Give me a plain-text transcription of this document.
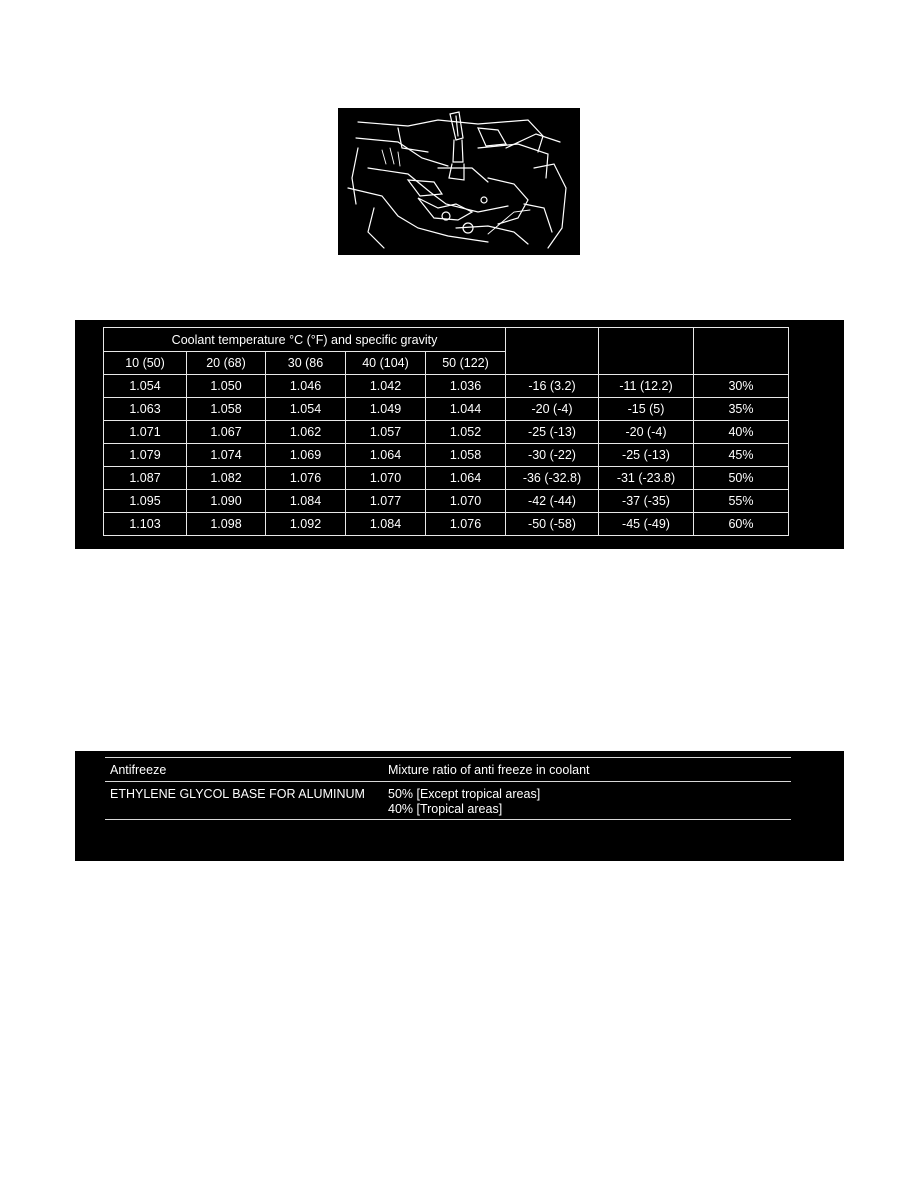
Coolant temperature °C (°F) and specific gravity							
10 (50)	20 (68)	30 (86	40 (104)	50 (122)			
1.054	1.050	1.046	1.042	1.036	-16 (3.2)	-11 (12.2)	30%
1.063	1.058	1.054	1.049	1.044	-20 (-4)	-15 (5)	35%
1.071	1.067	1.062	1.057	1.052	-25 (-13)	-20 (-4)	40%
1.079	1.074	1.069	1.064	1.058	-30 (-22)	-25 (-13)	45%
1.087	1.082	1.076	1.070	1.064	-36 (-32.8)	-31 (-23.8)	50%
1.095	1.090	1.084	1.077	1.070	-42 (-44)	-37 (-35)	55%
1.103	1.098	1.092	1.084	1.076	-50 (-58)	-45 (-49)	60%
Antifreeze	Mixture ratio of anti freeze in coolant
ETHYLENE GLYCOL BASE FOR ALUMINUM 50% [Except tropical areas]
40% [Tropical areas]
